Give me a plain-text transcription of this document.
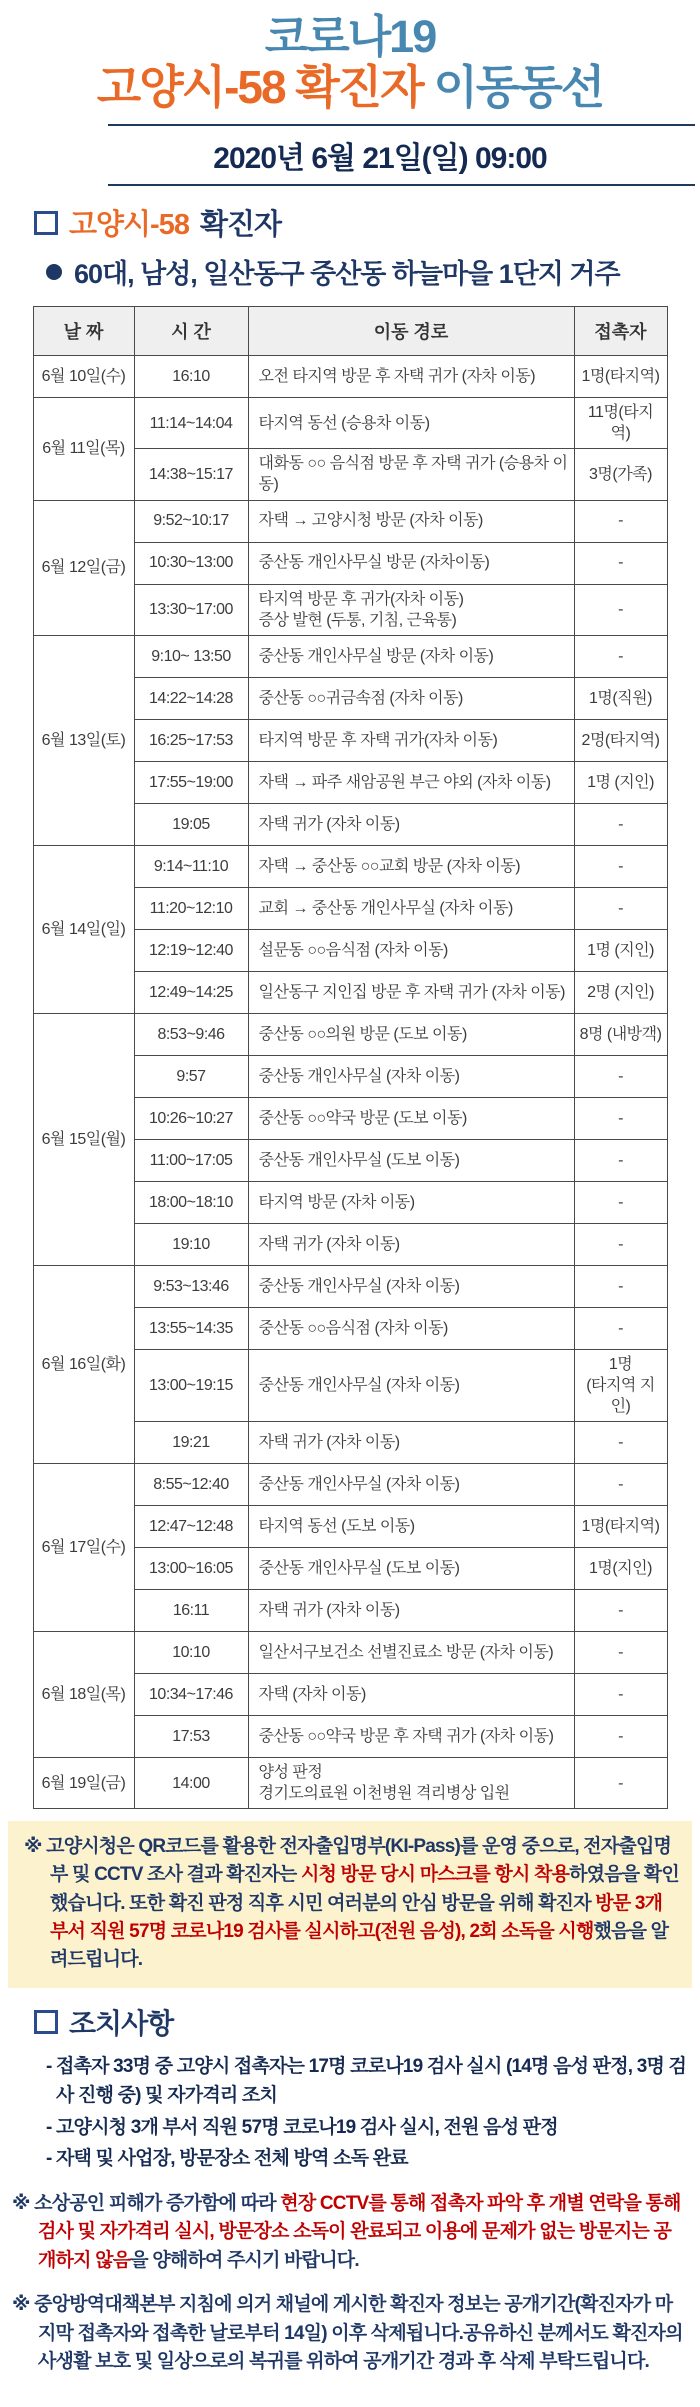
코로나19
고양시-58 확진자 이동동선
2020년 6월 21일(일) 09:00
고양시-58 확진자
60대, 남성, 일산동구 중산동 하늘마을 1단지 거주
날 짜	시 간	이동 경로	접촉자
6월 10일(수)	16:10	오전 타지역 방문 후 자택 귀가 (자차 이동)	1명(타지역)

6월 11일(목)	11:14~14:04	타지역 동선 (승용차 이동)	11명(타지역)

	14:38~15:17	대화동 ○○ 음식점 방문 후 자택 귀가 (승용차 이동)	3명(가족)

6월 12일(금)	9:52~10:17	자택 → 고양시청 방문 (자차 이동)	-

	10:30~13:00	중산동 개인사무실 방문 (자차이동)	-

	13:30~17:00	타지역 방문 후 귀가(자차 이동)
증상 발현 (두통, 기침, 근육통)	-

6월 13일(토)	9:10~ 13:50	중산동 개인사무실 방문 (자차 이동)	-

	14:22~14:28	중산동 ○○귀금속점 (자차 이동)	1명(직원)

	16:25~17:53	타지역 방문 후 자택 귀가(자차 이동)	2명(타지역)

	17:55~19:00	자택 → 파주 새암공원 부근 야외 (자차 이동)	1명 (지인)

	19:05	자택 귀가 (자차 이동)	-

6월 14일(일)	9:14~11:10	자택 → 중산동 ○○교회 방문 (자차 이동)	-

	11:20~12:10	교회 → 중산동 개인사무실 (자차 이동)	-

	12:19~12:40	설문동 ○○음식점 (자차 이동)	1명 (지인)

	12:49~14:25	일산동구 지인집 방문 후 자택 귀가 (자차 이동)	2명 (지인)

6월 15일(월)	8:53~9:46	중산동 ○○의원 방문 (도보 이동)	8명 (내방객)

	9:57	중산동 개인사무실 (자차 이동)	-

	10:26~10:27	중산동 ○○약국 방문 (도보 이동)	-

	11:00~17:05	중산동 개인사무실 (도보 이동)	-

	18:00~18:10	타지역 방문 (자차 이동)	-

	19:10	자택 귀가 (자차 이동)	-

6월 16일(화)	9:53~13:46	중산동 개인사무실 (자차 이동)	-

	13:55~14:35	중산동 ○○음식점 (자차 이동)	-

	13:00~19:15	중산동 개인사무실 (자차 이동)	1명
(타지역 지인)

	19:21	자택 귀가 (자차 이동)	-

6월 17일(수)	8:55~12:40	중산동 개인사무실 (자차 이동)	-

	12:47~12:48	타지역 동선 (도보 이동)	1명(타지역)

	13:00~16:05	중산동 개인사무실 (도보 이동)	1명(지인)

	16:11	자택 귀가 (자차 이동)	-

6월 18일(목)	10:10	일산서구보건소 선별진료소 방문 (자차 이동)	-

	10:34~17:46	자택 (자차 이동)	-

	17:53	중산동 ○○약국 방문 후 자택 귀가 (자차 이동)	-

6월 19일(금)	14:00	양성 판정
경기도의료원 이천병원 격리병상 입원	-
※ 고양시청은 QR코드를 활용한 전자출입명부(KI-Pass)를 운영 중으로, 전자출입명부 및 CCTV 조사 결과 확진자는 시청 방문 당시 마스크를 항시 착용하였음을 확인했습니다. 또한 확진 판정 직후 시민 여러분의 안심 방문을 위해 확진자 방문 3개 부서 직원 57명 코로나19 검사를 실시하고(전원 음성), 2회 소독을 시행했음을 알려드립니다.
조치사항
- 접촉자 33명 중 고양시 접촉자는 17명 코로나19 검사 실시 (14명 음성 판정, 3명 검사 진행 중) 및 자가격리 조치
- 고양시청 3개 부서 직원 57명 코로나19 검사 실시, 전원 음성 판정
- 자택 및 사업장, 방문장소 전체 방역 소독 완료
※ 소상공인 피해가 증가함에 따라 현장 CCTV를 통해 접촉자 파악 후 개별 연락을 통해 검사 및 자가격리 실시, 방문장소 소독이 완료되고 이용에 문제가 없는 방문지는 공개하지 않음을 양해하여 주시기 바랍니다.
※ 중앙방역대책본부 지침에 의거 채널에 게시한 확진자 정보는 공개기간(확진자가 마지막 접촉자와 접촉한 날로부터 14일) 이후 삭제됩니다.공유하신 분께서도 확진자의 사생활 보호 및 일상으로의 복귀를 위하여 공개기간 경과 후 삭제 부탁드립니다.
